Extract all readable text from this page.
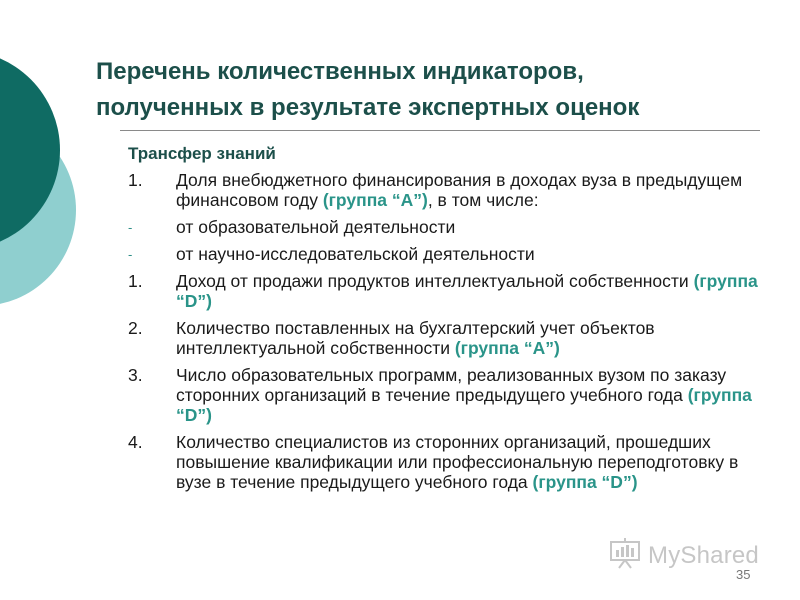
Перечень количественных индикаторов,
полученных в результате экспертных оценок
Трансфер знаний
1. Доля внебюджетного финансирования в доходах вуза в предыдущем финансовом году (группа “A”), в том числе:
- от образовательной деятельности
- от научно-исследовательской деятельности
1. Доход от продажи продуктов интеллектуальной собственности (группа “D”)
2. Количество поставленных на бухгалтерский учет объектов интеллектуальной собственности (группа “A”)
3. Число образовательных программ, реализованных вузом по заказу сторонних организаций в течение предыдущего учебного года (группа “D”)
4. Количество специалистов из сторонних организаций, прошедших повышение квалификации или профессиональную переподготовку в вузе в течение предыдущего учебного года (группа “D”)
MyShared
35
